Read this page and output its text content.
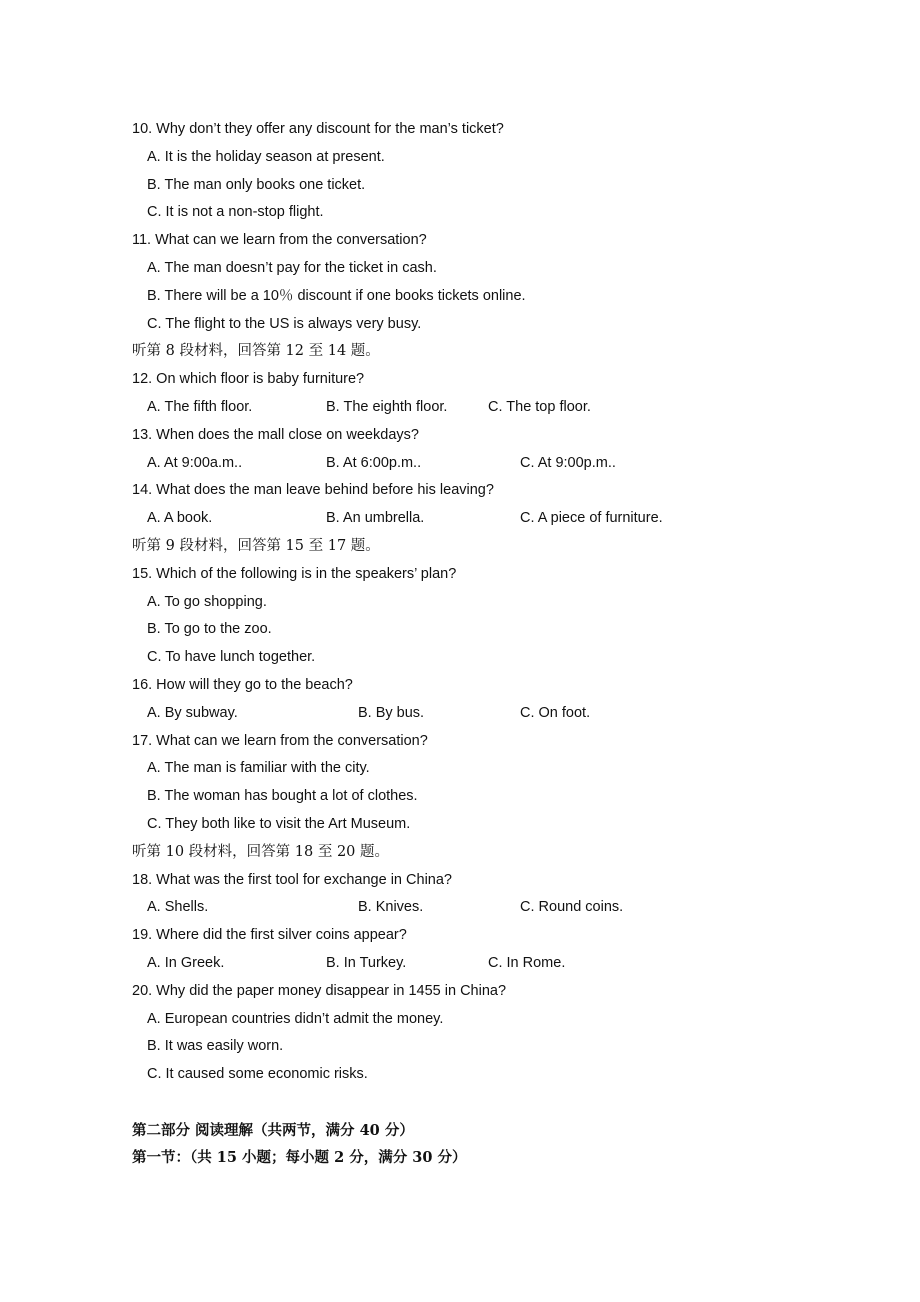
10. Why don’t they offer any discount for the man’s ticket?
A. It is the holiday season at present.
B. The man only books one ticket.
C. It is not a non-stop flight.
11. What can we learn from the conversation?
A. The man doesn’t pay for the ticket in cash.
B. There will be a 10％ discount if one books tickets online.
C. The flight to the US is always very busy.
听第 8 段材料，回答第 12 至 14 题。
12. On which floor is baby furniture?
A. The fifth floor.	B. The eighth floor.	C. The top floor.
13. When does the mall close on weekdays?
A. At 9:00a.m..	B. At 6:00p.m..	C. At 9:00p.m..
14. What does the man leave behind before his leaving?
A. A book.	B. An umbrella.	C. A piece of furniture.
听第 9 段材料，回答第 15 至 17 题。
15. Which of the following is in the speakers’ plan?
A. To go shopping.
B. To go to the zoo.
C. To have lunch together.
16. How will they go to the beach?
A. By subway.	B. By bus.	C. On foot.
17. What can we learn from the conversation?
A. The man is familiar with the city.
B. The woman has bought a lot of clothes.
C. They both like to visit the Art Museum.
听第 10 段材料，回答第 18 至 20 题。
18. What was the first tool for exchange in China?
A. Shells.	B. Knives.	C. Round coins.
19. Where did the first silver coins appear?
A. In Greek.	B. In Turkey.	C. In Rome.
20. Why did the paper money disappear in 1455 in China?
A. European countries didn’t admit the money.
B. It was easily worn.
C. It caused some economic risks.
第二部分 阅读理解（共两节，满分 40 分）
第一节：（共 15 小题；每小题 2 分，满分 30 分）
